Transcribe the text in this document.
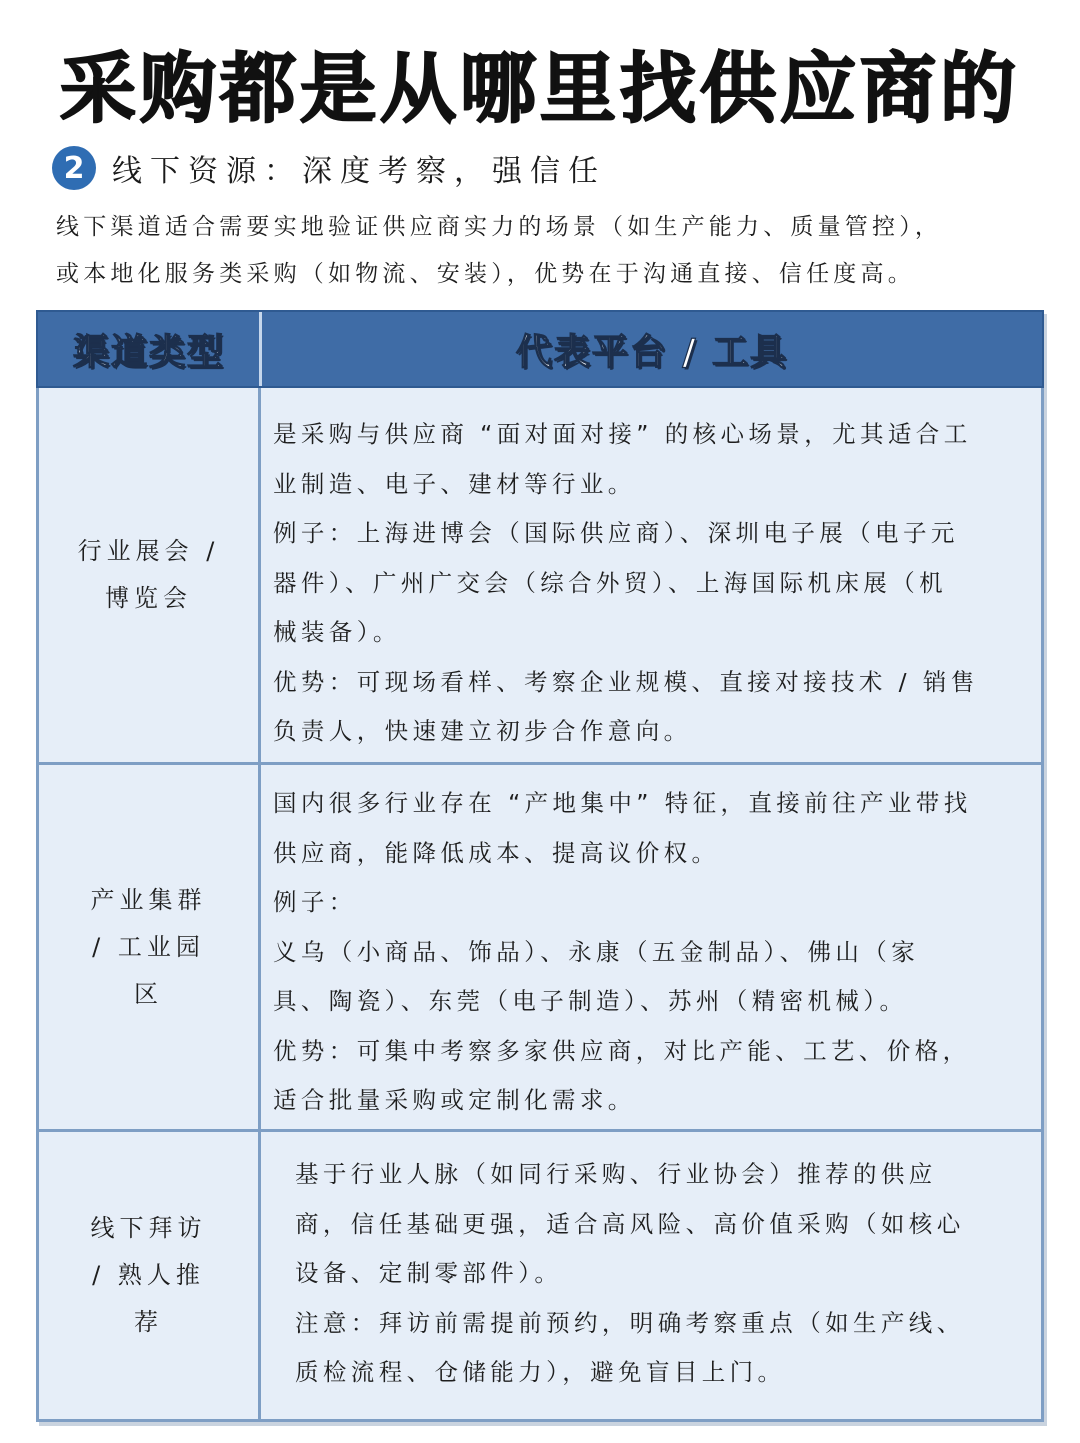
采购都是从哪里找供应商的
2 线下资源：深度考察，强信任

线下渠道适合需要实地验证供应商实力的场景（如生产能力、质量管控），

或本地化服务类采购（如物流、安装），优势在于沟通直接、信任度高。

渠道类型	代表平台 / 工具
行业展会 /
博览会

是采购与供应商 “面对面对接” 的核心场景，尤其适合工

业制造、电子、建材等行业。

例子：上海进博会（国际供应商）、深圳电子展（电子元

器件）、广州广交会（综合外贸）、上海国际机床展（机

械装备）。

优势：可现场看样、考察企业规模、直接对接技术 / 销售

负责人，快速建立初步合作意向。

产业集群
/ 工业园
区

国内很多行业存在 “产地集中” 特征，直接前往产业带找

供应商，能降低成本、提高议价权。

例子：

义乌（小商品、饰品）、永康（五金制品）、佛山（家

具、陶瓷）、东莞（电子制造）、苏州（精密机械）。

优势：可集中考察多家供应商，对比产能、工艺、价格，

适合批量采购或定制化需求。

线下拜访
/ 熟人推
荐

基于行业人脉（如同行采购、行业协会）推荐的供应

商，信任基础更强，适合高风险、高价值采购（如核心

设备、定制零部件）。

注意：拜访前需提前预约，明确考察重点（如生产线、

质检流程、仓储能力），避免盲目上门。
